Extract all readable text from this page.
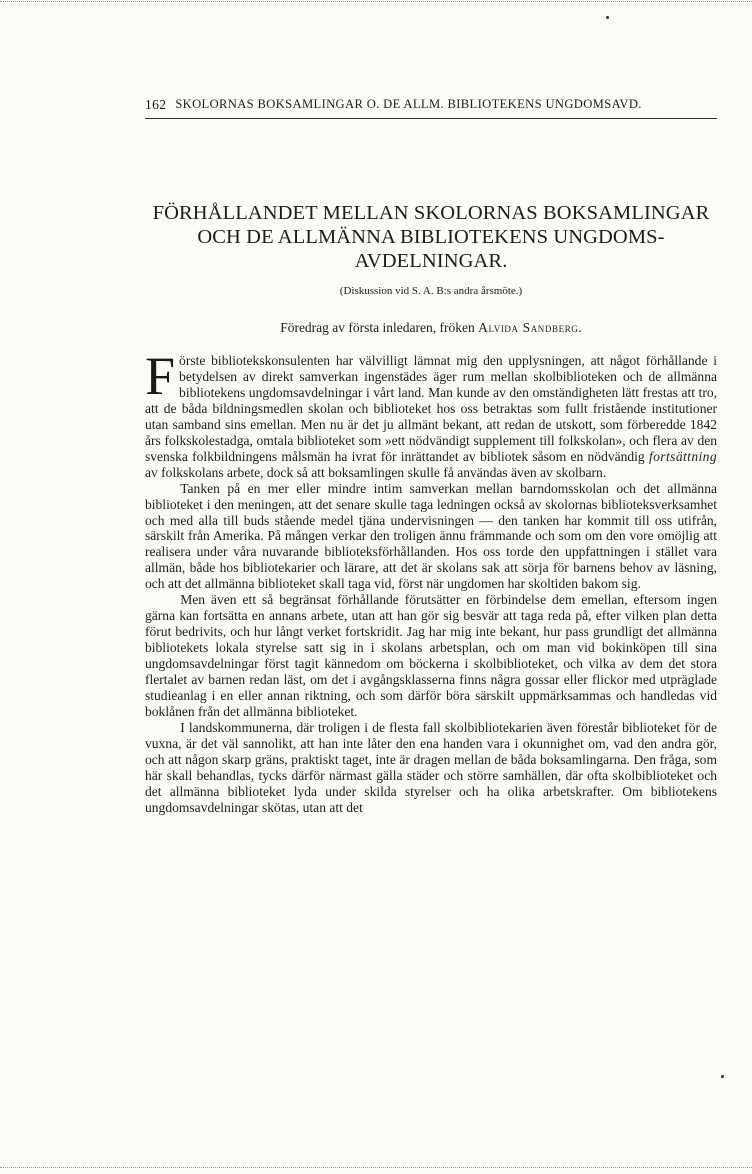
162 SKOLORNAS BOKSAMLINGAR O. DE ALLM. BIBLIOTEKENS UNGDOMSAVD.
FÖRHÅLLANDET MELLAN SKOLORNAS BOKSAMLINGAR
OCH DE ALLMÄNNA BIBLIOTEKENS UNGDOMS-
AVDELNINGAR.
(Diskussion vid S. A. B:s andra årsmöte.)
Föredrag av första inledaren, fröken Alvida Sandberg.

Förste bibliotekskonsulenten har välvilligt lämnat mig den upplysningen, att något förhållande i betydelsen av direkt samverkan ingenstädes äger rum mellan skolbiblioteken och de allmänna bibliotekens ungdomsavdelningar i vårt land. Man kunde av den omständigheten lätt frestas att tro, att de båda bildningsmedlen skolan och biblioteket hos oss betraktas som fullt fristående institutioner utan samband sins emellan. Men nu är det ju allmänt bekant, att redan de utskott, som förberedde 1842 års folkskolestadga, omtala biblioteket som »ett nödvändigt supplement till folkskolan», och flera av den svenska folkbildningens målsmän ha ivrat för inrättandet av bibliotek såsom en nödvändig fortsättning av folkskolans arbete, dock så att boksamlingen skulle få användas även av skolbarn.

Tanken på en mer eller mindre intim samverkan mellan barndomsskolan och det allmänna biblioteket i den meningen, att det senare skulle taga ledningen också av skolornas biblioteksverksamhet och med alla till buds stående medel tjäna undervisningen — den tanken har kommit till oss utifrån, särskilt från Amerika. På mången verkar den troligen ännu främmande och som om den vore omöjlig att realisera under våra nuvarande biblioteksförhållanden. Hos oss torde den uppfattningen i stället vara allmän, både hos bibliotekarier och lärare, att det är skolans sak att sörja för barnens behov av läsning, och att det allmänna biblioteket skall taga vid, först när ungdomen har skoltiden bakom sig.

Men även ett så begränsat förhållande förutsätter en förbindelse dem emellan, eftersom ingen gärna kan fortsätta en annans arbete, utan att han gör sig besvär att taga reda på, efter vilken plan detta förut bedrivits, och hur långt verket fortskridit. Jag har mig inte bekant, hur pass grundligt det allmänna bibliotekets lokala styrelse satt sig in i skolans arbetsplan, och om man vid bokinköpen till sina ungdomsavdelningar först tagit kännedom om böckerna i skolbiblioteket, och vilka av dem det stora flertalet av barnen redan läst, om det i avgångsklasserna finns några gossar eller flickor med utpräglade studieanlag i en eller annan riktning, och som därför böra särskilt uppmärksammas och handledas vid boklånen från det allmänna biblioteket.

I landskommunerna, där troligen i de flesta fall skolbibliotekarien även förestår biblioteket för de vuxna, är det väl sannolikt, att han inte låter den ena handen vara i okunnighet om, vad den andra gör, och att någon skarp gräns, praktiskt taget, inte är dragen mellan de båda boksamlingarna. Den fråga, som här skall behandlas, tycks därför närmast gälla städer och större samhällen, där ofta skolbiblioteket och det allmänna biblioteket lyda under skilda styrelser och ha olika arbetskrafter. Om bibliotekens ungdomsavdelningar skötas, utan att det
